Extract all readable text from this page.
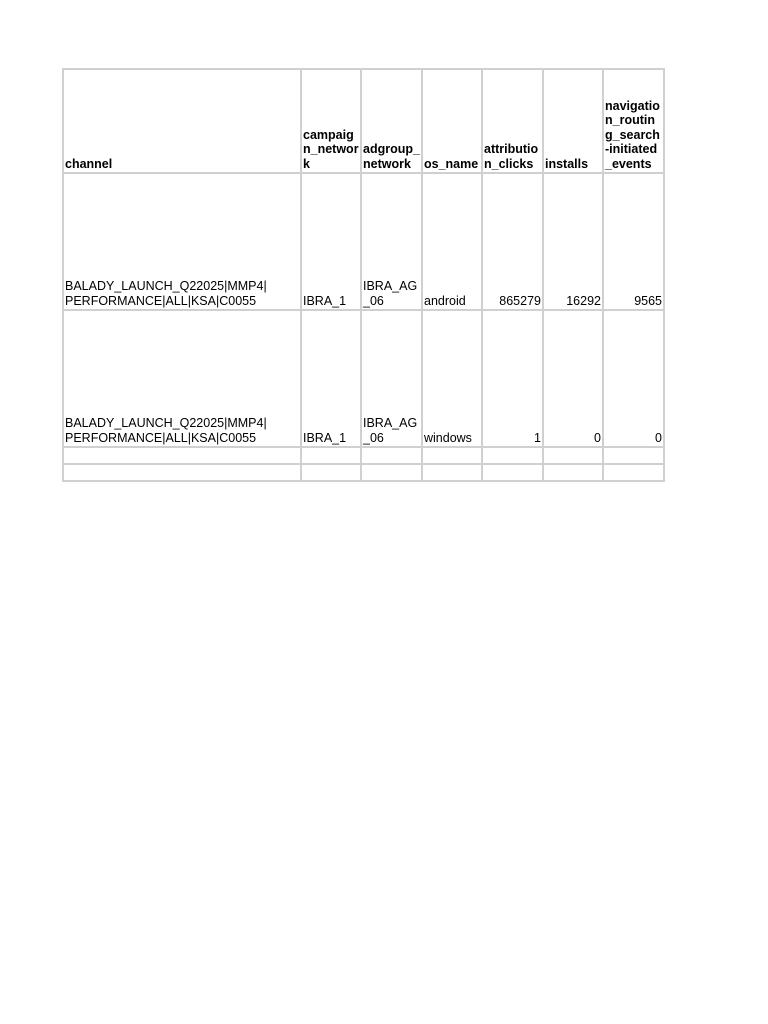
channel	campaign_network	adgroup_network	os_name	attribution_clicks	installs	navigation_routing_search-initiated_events
BALADY_LAUNCH_Q22025|MMP4|
PERFORMANCE|ALL|KSA|C0055	IBRA_1	IBRA_AG_06	android	865279	16292	9565
BALADY_LAUNCH_Q22025|MMP4|
PERFORMANCE|ALL|KSA|C0055	IBRA_1	IBRA_AG_06	windows	1	0	0
